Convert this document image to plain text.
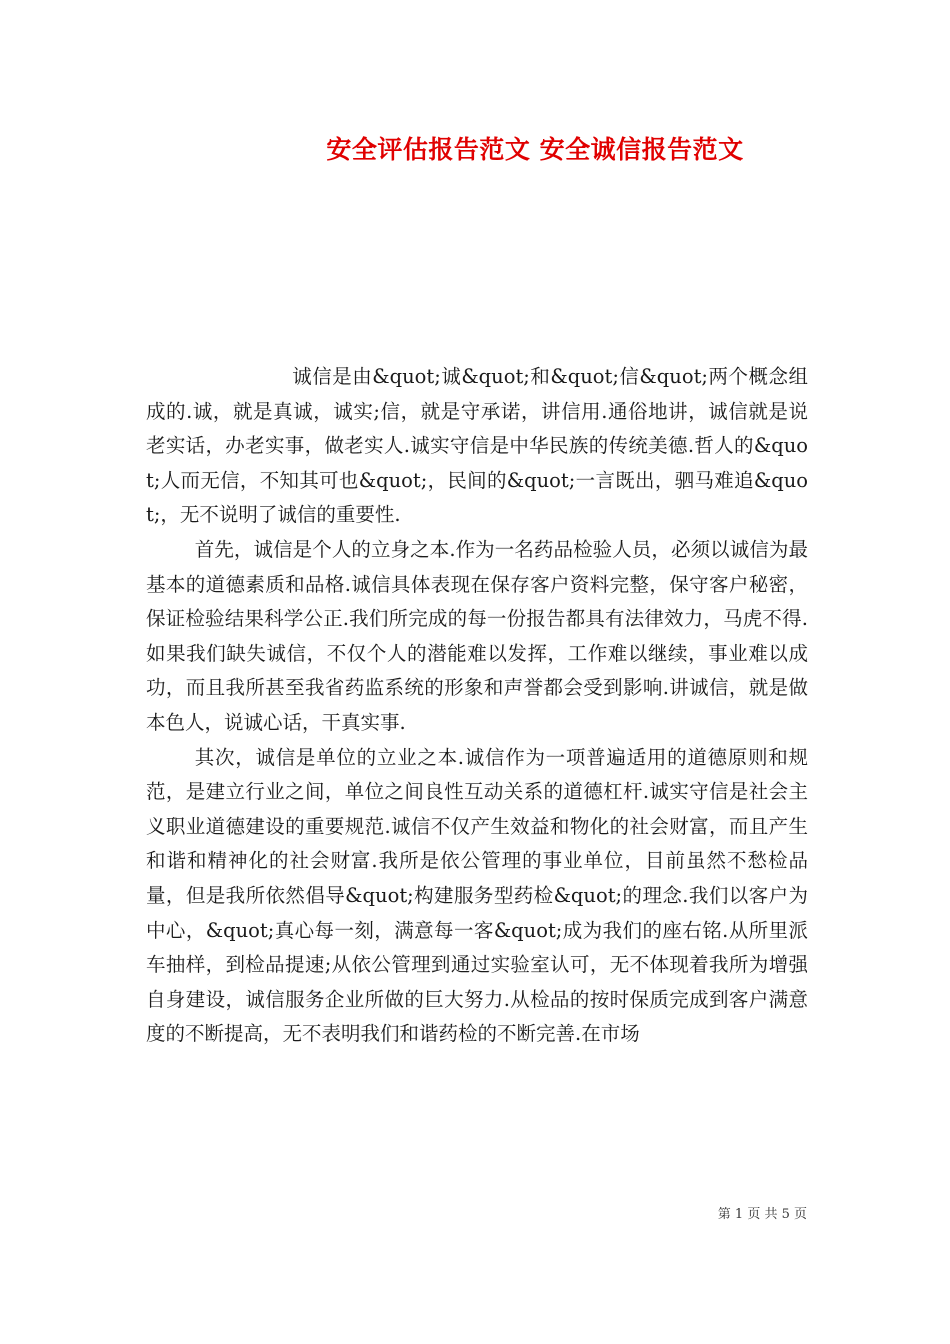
安全评估报告范文 安全诚信报告范文

诚信是由&quot;诚&quot;和&quot;信&quot;两个概念组成的.诚，就是真诚，诚实;信，就是守承诺，讲信用.通俗地讲，诚信就是说老实话，办老实事，做老实人.诚实守信是中华民族的传统美德.哲人的&quot;人而无信，不知其可也&quot;，民间的&quot;一言既出，驷马难追&quot;，无不说明了诚信的重要性.

首先，诚信是个人的立身之本.作为一名药品检验人员，必须以诚信为最基本的道德素质和品格.诚信具体表现在保存客户资料完整，保守客户秘密，保证检验结果科学公正.我们所完成的每一份报告都具有法律效力，马虎不得.如果我们缺失诚信，不仅个人的潜能难以发挥，工作难以继续，事业难以成功，而且我所甚至我省药监系统的形象和声誉都会受到影响.讲诚信，就是做本色人，说诚心话，干真实事.

其次，诚信是单位的立业之本.诚信作为一项普遍适用的道德原则和规范，是建立行业之间，单位之间良性互动关系的道德杠杆.诚实守信是社会主义职业道德建设的重要规范.诚信不仅产生效益和物化的社会财富，而且产生和谐和精神化的社会财富.我所是依公管理的事业单位，目前虽然不愁检品量，但是我所依然倡导&quot;构建服务型药检&quot;的理念.我们以客户为中心，&quot;真心每一刻，满意每一客&quot;成为我们的座右铭.从所里派车抽样，到检品提速;从依公管理到通过实验室认可，无不体现着我所为增强自身建设，诚信服务企业所做的巨大努力.从检品的按时保质完成到客户满意度的不断提高，无不表明我们和谐药检的不断完善.在市场

第 1 页 共 5 页
